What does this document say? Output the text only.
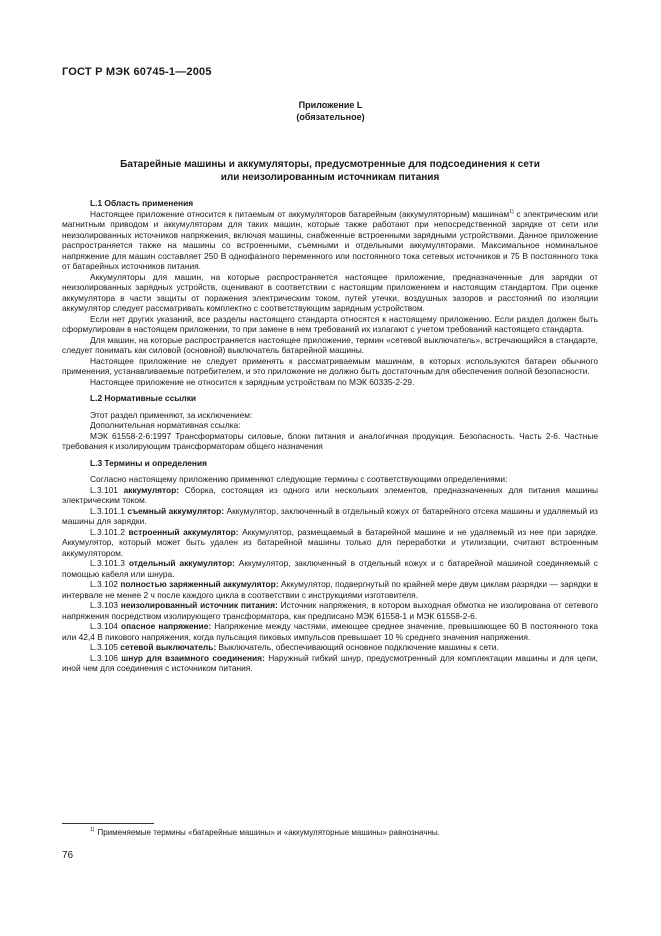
ГОСТ Р МЭК 60745-1—2005
Приложение L
(обязательное)
Батарейные машины и аккумуляторы, предусмотренные для подсоединения к сети
или неизолированным источникам питания

L.1 Область применения

Настоящее приложение относится к питаемым от аккумуляторов батарейным (аккумуляторным) машинам$^{1)}$ с электрическим или магнитным приводом и аккумуляторам для таких машин, которые также работают при непосредственной зарядке от сети или неизолированных источников напряжения, включая машины, снабженные встроенными зарядными устройствами. Данное приложение распространяется также на машины со встроенными, съемными и отдельными аккумуляторами. Максимальное номинальное напряжение для машин составляет 250 В однофазного переменного или постоянного тока сетевых источников и 75 В постоянного тока от батарейных источников питания.

Аккумуляторы для машин, на которые распространяется настоящее приложение, предназначенные для зарядки от неизолированных зарядных устройств, оценивают в соответствии с настоящим приложением и настоящим стандартом. При оценке аккумулятора в части защиты от поражения электрическим током, путей утечки, воздушных зазоров и расстояний по изоляции аккумулятор следует рассматривать комплектно с соответствующим зарядным устройством.

Если нет других указаний, все разделы настоящего стандарта относятся к настоящему приложению. Если раздел должен быть сформулирован в настоящем приложении, то при замене в нем требований их излагают с учетом требований настоящего стандарта.

Для машин, на которые распространяется настоящее приложение, термин «сетевой выключатель», встречающийся в стандарте, следует понимать как силовой (основной) выключатель батарейной машины.

Настоящее приложение не следует применять к рассматриваемым машинам, в которых используются батареи обычного применения, устанавливаемые потребителем, и это приложение не должно быть достаточным для обеспечения полной безопасности.

Настоящее приложение не относится к зарядным устройствам по МЭК 60335-2-29.

L.2 Нормативные ссылки

Этот раздел применяют, за исключением:

Дополнительная нормативная ссылка:

МЭК 61558-2-6:1997 Трансформаторы силовые, блоки питания и аналогичная продукция. Безопасность. Часть 2-6. Частные требования к изолирующим трансформаторам общего назначения

L.3 Термины и определения

Согласно настоящему приложению применяют следующие термины с соответствующими определениями:

L.3.101 аккумулятор: Сборка, состоящая из одного или нескольких элементов, предназначенных для питания машины электрическим током.

L.3.101.1 съемный аккумулятор: Аккумулятор, заключенный в отдельный кожух от батарейного отсека машины и удаляемый из машины для зарядки.

L.3.101.2 встроенный аккумулятор: Аккумулятор, размещаемый в батарейной машине и не удаляемый из нее при зарядке. Аккумулятор, который может быть удален из батарейной машины только для переработки и утилизации, считают встроенным аккумулятором.

L.3.101.3 отдельный аккумулятор: Аккумулятор, заключенный в отдельный кожух и с батарейной машиной соединяемый с помощью кабеля или шнура.

L.3.102 полностью заряженный аккумулятор: Аккумулятор, подвергнутый по крайней мере двум циклам разрядки — зарядки в интервале не менее 2 ч после каждого цикла в соответствии с инструкциями изготовителя.

L.3.103 неизолированный источник питания: Источник напряжения, в котором выходная обмотка не изолирована от сетевого напряжения посредством изолирующего трансформатора, как предписано МЭК 61558-1 и МЭК 61558-2-6.

L.3.104 опасное напряжение: Напряжение между частями, имеющее среднее значение, превышающее 60 В постоянного тока или 42,4 В пикового напряжения, когда пульсация пиковых импульсов превышает 10 % среднего значения напряжения.

L.3.105 сетевой выключатель: Выключатель, обеспечивающий основное подключение машины к сети.

L.3.106 шнур для взаимного соединения: Наружный гибкий шнур, предусмотренный для комплектации машины и для цепи, иной чем для соединения с источником питания.

$^{1)}$ Применяемые термины «батарейные машины» и «аккумуляторные машины» равнозначны.
76
